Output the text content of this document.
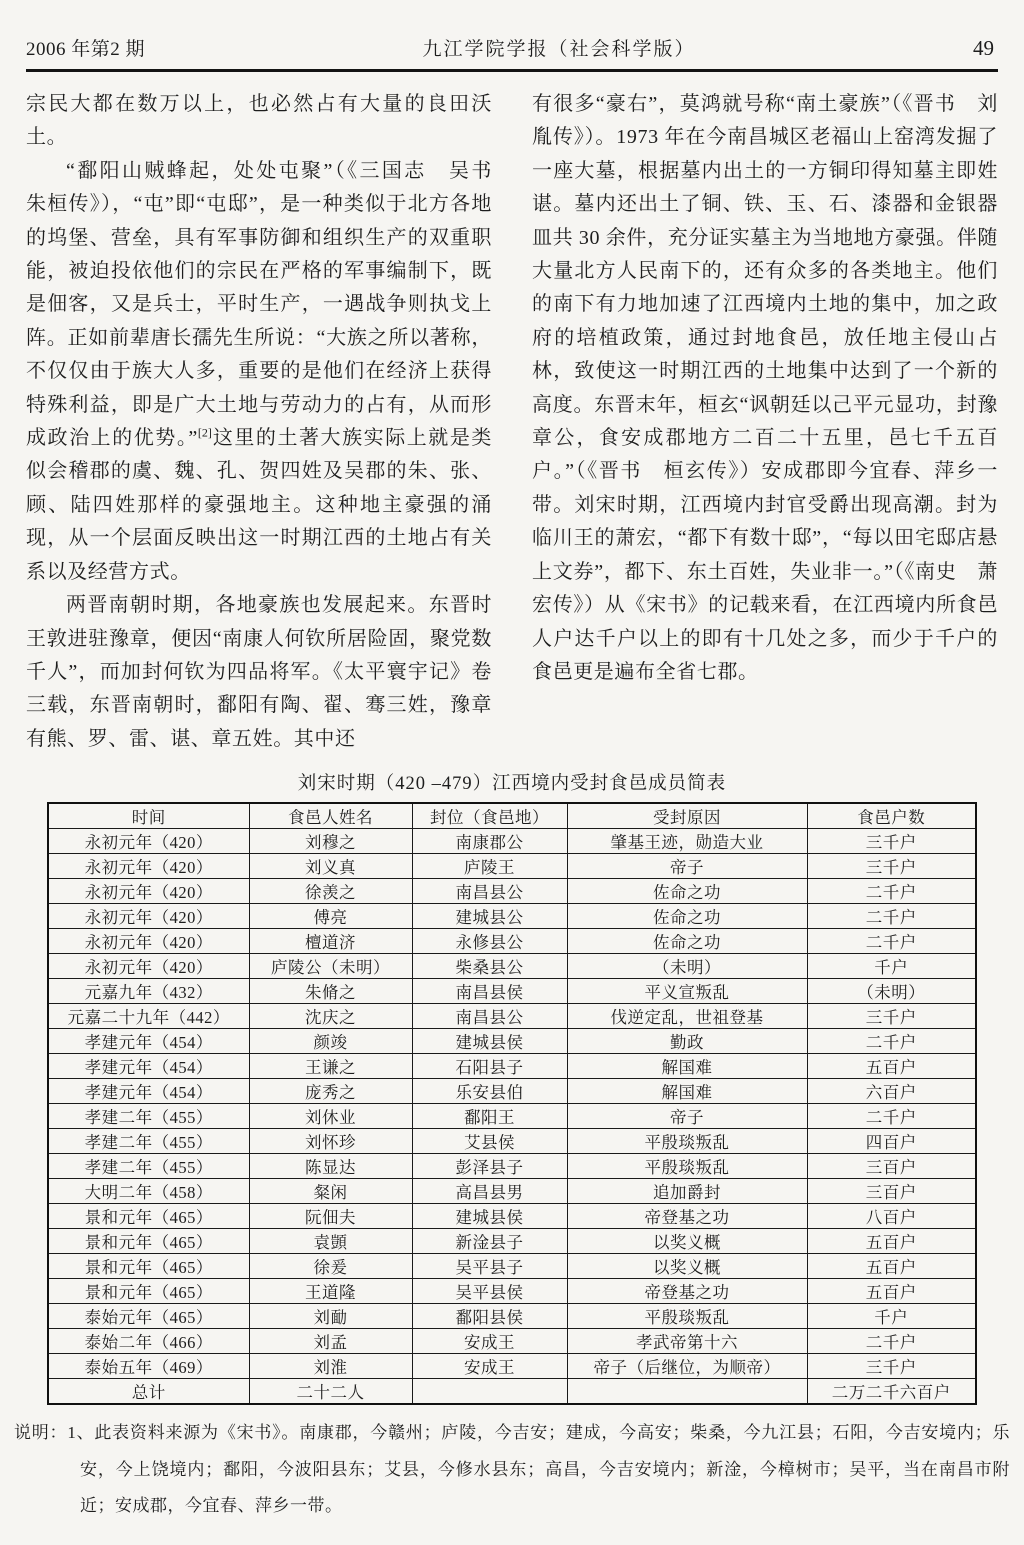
2006 年第2 期	九江学院学报（社会科学版）	49

宗民大都在数万以上，也必然占有大量的良田沃土。

“鄱阳山贼蜂起，处处屯聚”（《三国志　吴书　朱桓传》），“屯”即“屯邸”，是一种类似于北方各地的坞堡、营垒，具有军事防御和组织生产的双重职能，被迫投依他们的宗民在严格的军事编制下，既是佃客，又是兵士，平时生产，一遇战争则执戈上阵。正如前辈唐长孺先生所说：“大族之所以著称，不仅仅由于族大人多，重要的是他们在经济上获得特殊利益，即是广大土地与劳动力的占有，从而形成政治上的优势。”[2]这里的土著大族实际上就是类似会稽郡的虞、魏、孔、贺四姓及吴郡的朱、张、顾、陆四姓那样的豪强地主。这种地主豪强的涌现，从一个层面反映出这一时期江西的土地占有关系以及经营方式。

两晋南朝时期，各地豪族也发展起来。东晋时王敦进驻豫章，便因“南康人何钦所居险固，聚党数千人”，而加封何钦为四品将军。《太平寰宇记》卷三载，东晋南朝时，鄱阳有陶、翟、骞三姓，豫章有熊、罗、雷、谌、章五姓。其中还

有很多“豪右”，莫鸿就号称“南土豪族”（《晋书　刘胤传》）。1973 年在今南昌城区老福山上窑湾发掘了一座大墓，根据墓内出土的一方铜印得知墓主即姓谌。墓内还出土了铜、铁、玉、石、漆器和金银器皿共 30 余件，充分证实墓主为当地地方豪强。伴随大量北方人民南下的，还有众多的各类地主。他们的南下有力地加速了江西境内土地的集中，加之政府的培植政策，通过封地食邑，放任地主侵山占林，致使这一时期江西的土地集中达到了一个新的高度。东晋末年，桓玄“讽朝廷以己平元显功，封豫章公，食安成郡地方二百二十五里，邑七千五百户。”（《晋书　桓玄传》）安成郡即今宜春、萍乡一带。刘宋时期，江西境内封官受爵出现高潮。封为临川王的萧宏，“都下有数十邸”，“每以田宅邸店悬上文券”，都下、东土百姓，失业非一。”（《南史　萧宏传》）从《宋书》的记载来看，在江西境内所食邑人户达千户以上的即有十几处之多，而少于千户的食邑更是遍布全省七郡。

刘宋时期（420 –479）江西境内受封食邑成员简表
时间	食邑人姓名	封位（食邑地）	受封原因	食邑户数
永初元年（420）	刘穆之	南康郡公	肇基王迹，勋造大业	三千户
永初元年（420）	刘义真	庐陵王	帝子	三千户
永初元年（420）	徐羡之	南昌县公	佐命之功	二千户
永初元年（420）	傅亮	建城县公	佐命之功	二千户
永初元年（420）	檀道济	永修县公	佐命之功	二千户
永初元年（420）	庐陵公（未明）	柴桑县公	（未明）	千户
元嘉九年（432）	朱脩之	南昌县侯	平义宣叛乱	（未明）
元嘉二十九年（442）	沈庆之	南昌县公	伐逆定乱，世祖登基	三千户
孝建元年（454）	颜竣	建城县侯	勤政	二千户
孝建元年（454）	王谦之	石阳县子	解国难	五百户
孝建元年（454）	庞秀之	乐安县伯	解国难	六百户
孝建二年（455）	刘休业	鄱阳王	帝子	二千户
孝建二年（455）	刘怀珍	艾县侯	平殷琰叛乱	四百户
孝建二年（455）	陈显达	彭泽县子	平殷琰叛乱	三百户
大明二年（458）	粲闲	高昌县男	追加爵封	三百户
景和元年（465）	阮佃夫	建城县侯	帝登基之功	八百户
景和元年（465）	袁顗	新淦县子	以奖义概	五百户
景和元年（465）	徐爰	吴平县子	以奖义概	五百户
景和元年（465）	王道隆	吴平县侯	帝登基之功	五百户
泰始元年（465）	刘勔	鄱阳县侯	平殷琰叛乱	千户
泰始二年（466）	刘孟	安成王	孝武帝第十六	二千户
泰始五年（469）	刘淮	安成王	帝子（后继位，为顺帝）	三千户
总计	二十二人			二万二千六百户
说明：1、此表资料来源为《宋书》。南康郡，今赣州；庐陵，今吉安；建成，今高安；柴桑，今九江县；石阳，今吉安境内；乐安，今上饶境内；鄱阳，今波阳县东；艾县，今修水县东；高昌，今吉安境内；新淦，今樟树市；吴平，当在南昌市附近；安成郡，今宜春、萍乡一带。
